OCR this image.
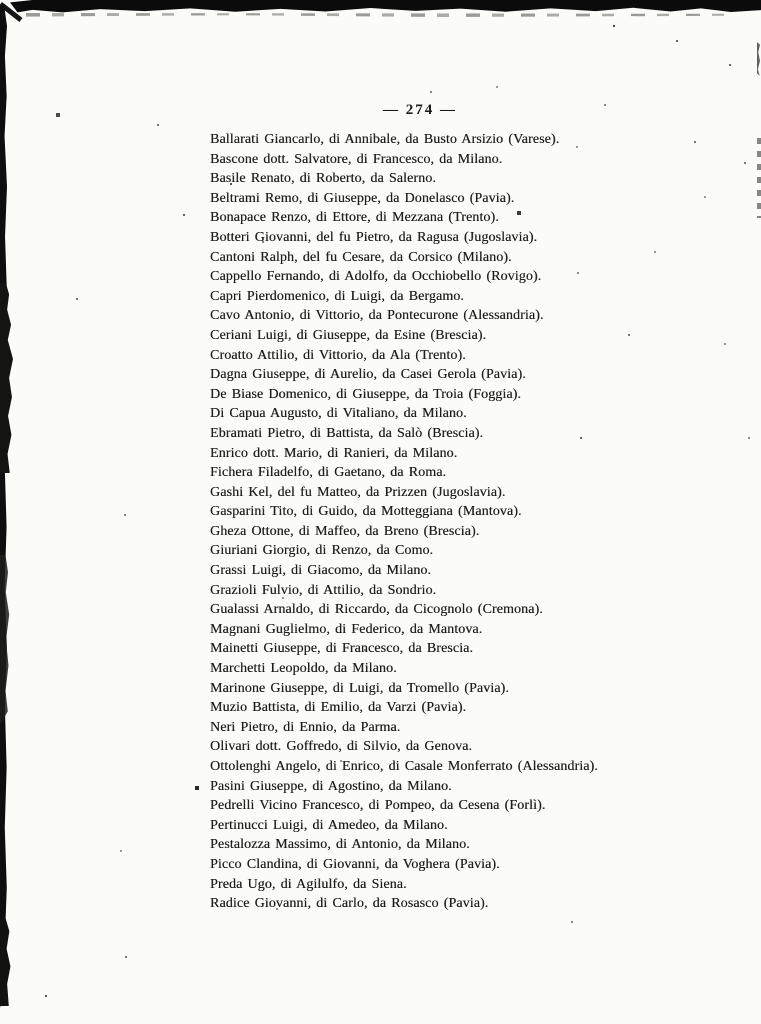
— 274 —
Ballarati Giancarlo, di Annibale, da Busto Arsizio (Varese).
Bascone dott. Salvatore, di Francesco, da Milano.
Basile Renato, di Roberto, da Salerno.
Beltrami Remo, di Giuseppe, da Donelasco (Pavia).
Bonapace Renzo, di Ettore, di Mezzana (Trento).
Botteri Giovanni, del fu Pietro, da Ragusa (Jugoslavia).
Cantoni Ralph, del fu Cesare, da Corsico (Milano).
Cappello Fernando, di Adolfo, da Occhiobello (Rovigo).
Capri Pierdomenico, di Luigi, da Bergamo.
Cavo Antonio, di Vittorio, da Pontecurone (Alessandria).
Ceriani Luigi, di Giuseppe, da Esine (Brescia).
Croatto Attilio, di Vittorio, da Ala (Trento).
Dagna Giuseppe, di Aurelio, da Casei Gerola (Pavia).
De Biase Domenico, di Giuseppe, da Troia (Foggia).
Di Capua Augusto, di Vitaliano, da Milano.
Ebramati Pietro, di Battista, da Salò (Brescia).
Enrico dott. Mario, di Ranieri, da Milano.
Fichera Filadelfo, di Gaetano, da Roma.
Gashi Kel, del fu Matteo, da Prizzen (Jugoslavia).
Gasparini Tito, di Guido, da Motteggiana (Mantova).
Gheza Ottone, di Maffeo, da Breno (Brescia).
Giuriani Giorgio, di Renzo, da Como.
Grassi Luigi, di Giacomo, da Milano.
Grazioli Fulvio, di Attilio, da Sondrio.
Gualassi Arnaldo, di Riccardo, da Cicognolo (Cremona).
Magnani Guglielmo, di Federico, da Mantova.
Mainetti Giuseppe, di Francesco, da Brescia.
Marchetti Leopoldo, da Milano.
Marinone Giuseppe, di Luigi, da Tromello (Pavia).
Muzio Battista, di Emilio, da Varzi (Pavia).
Neri Pietro, di Ennio, da Parma.
Olivari dott. Goffredo, di Silvio, da Genova.
Ottolenghi Angelo, di Enrico, di Casale Monferrato (Alessandria).
Pasini Giuseppe, di Agostino, da Milano.
Pedrelli Vicino Francesco, di Pompeo, da Cesena (Forlì).
Pertinucci Luigi, di Amedeo, da Milano.
Pestalozza Massimo, di Antonio, da Milano.
Picco Clandina, di Giovanni, da Voghera (Pavia).
Preda Ugo, di Agilulfo, da Siena.
Radice Giovanni, di Carlo, da Rosasco (Pavia).
